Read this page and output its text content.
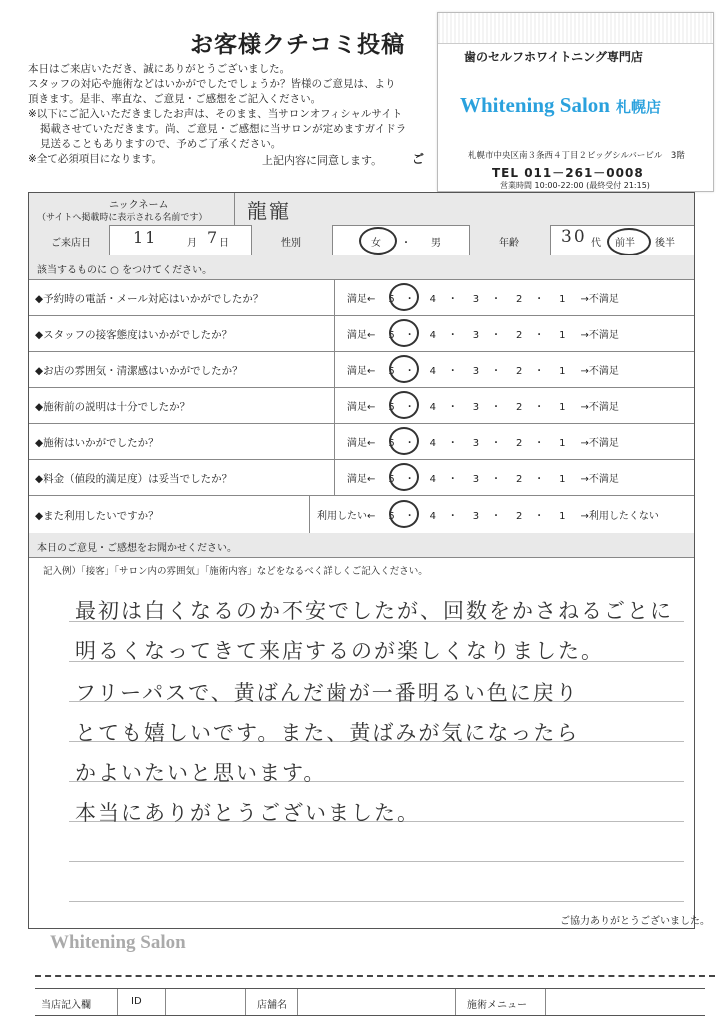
お客様クチコミ投稿
本日はご来店いただき、誠にありがとうございました。
スタッフの対応や施術などはいかがでしたでしょうか？皆様のご意見は、より
頂きます。是非、率直な、ご意見・ご感想をご記入ください。
※以下にご記入いただきましたお声は、そのまま、当サロンオフィシャルサイト
掲載させていただきます。尚、ご意見・ご感想に当サロンが定めますガイドラ
見送ることもありますので、予めご了承ください。
※全て必須項目になります。	上記内容に同意します。 ご
歯のセルフホワイトニング専門店
Whitening Salon 札幌店
札幌市中央区南３条西４丁目２ビッグシルバービル　3階
TEL 011－261－0008
営業時間 10:00-22:00 (最終受付 21:15)
ニックネーム
（サイトへ掲載時に表示される名前です） 龍寵
ご来店日	11	月 7 日	性別	女 ・ 男	年齢 30 代 前半 後半
該当するものに ○ をつけてください。
◆予約時の電話・メール対応はいかがでしたか？	満足← 5 ・ 4 ・ 3 ・ 2 ・ 1 →不満足
◆スタッフの接客態度はいかがでしたか？	満足← 5 ・ 4 ・ 3 ・ 2 ・ 1 →不満足
◆お店の雰囲気・清潔感はいかがでしたか？	満足← 5 ・ 4 ・ 3 ・ 2 ・ 1 →不満足
◆施術前の説明は十分でしたか？	満足← 5 ・ 4 ・ 3 ・ 2 ・ 1 →不満足
◆施術はいかがでしたか？	満足← 5 ・ 4 ・ 3 ・ 2 ・ 1 →不満足
◆料金（値段的満足度）は妥当でしたか？	満足← 5 ・ 4 ・ 3 ・ 2 ・ 1 →不満足
◆また利用したいですか？	利用したい← 5 ・ 4 ・ 3 ・ 2 ・ 1 →利用したくない
本日のご意見・ご感想をお聞かせください。
記入例）「接客」「サロン内の雰囲気」「施術内容」などをなるべく詳しくご記入ください。
最初は白くなるのか不安でしたが、回数をかさねるごとに
明るくなってきて来店するのが楽しくなりました。
フリーパスで、黄ばんだ歯が一番明るい色に戻り
とても嬉しいです。また、黄ばみが気になったら
かよいたいと思います。
本当にありがとうございました。
ご協力ありがとうございました。
Whitening Salon
当店記入欄	ID	店舗名	施術メニュー
